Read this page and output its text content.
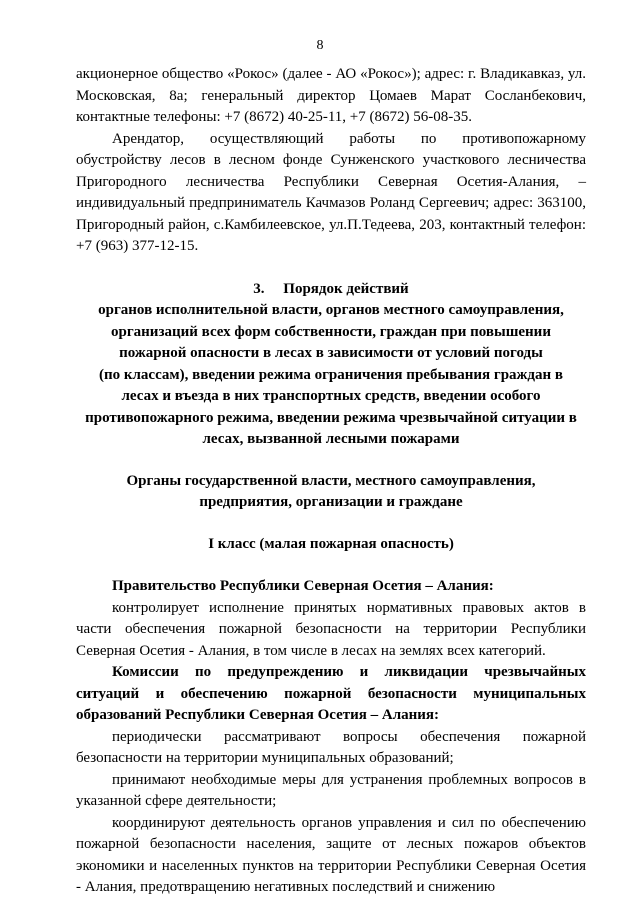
8

акционерное общество «Рокос» (далее - АО «Рокос»); адрес: г. Владикавказ, ул. Московская, 8а; генеральный директор Цомаев Марат Сосланбекович, контактные телефоны: +7 (8672) 40-25-11, +7 (8672) 56-08-35.

Арендатор, осуществляющий работы по противопожарному обустройству лесов в лесном фонде Сунженского участкового лесничества Пригородного лесничества Республики Северная Осетия-Алания, – индивидуальный предприниматель Качмазов Роланд Сергеевич; адрес: 363100, Пригородный район, с.Камбилеевское, ул.П.Тедеева, 203, контактный телефон: +7 (963) 377-12-15.

3. Порядок действий
органов исполнительной власти, органов местного самоуправления,
организаций всех форм собственности, граждан при повышении
пожарной опасности в лесах в зависимости от условий погоды
(по классам), введении режима ограничения пребывания граждан в
лесах и въезда в них транспортных средств, введении особого
противопожарного режима, введении режима чрезвычайной ситуации в
лесах, вызванной лесными пожарами
Органы государственной власти, местного самоуправления,
предприятия, организации и граждане
I класс (малая пожарная опасность)

Правительство Республики Северная Осетия – Алания:

контролирует исполнение принятых нормативных правовых актов в части обеспечения пожарной безопасности на территории Республики Северная Осетия - Алания, в том числе в лесах на землях всех категорий.

Комиссии по предупреждению и ликвидации чрезвычайных ситуаций и обеспечению пожарной безопасности муниципальных образований Республики Северная Осетия – Алания:

периодически рассматривают вопросы обеспечения пожарной безопасности на территории муниципальных образований;

принимают необходимые меры для устранения проблемных вопросов в указанной сфере деятельности;

координируют деятельность органов управления и сил по обеспечению пожарной безопасности населения, защите от лесных пожаров объектов экономики и населенных пунктов на территории Республики Северная Осетия - Алания, предотвращению негативных последствий и снижению
